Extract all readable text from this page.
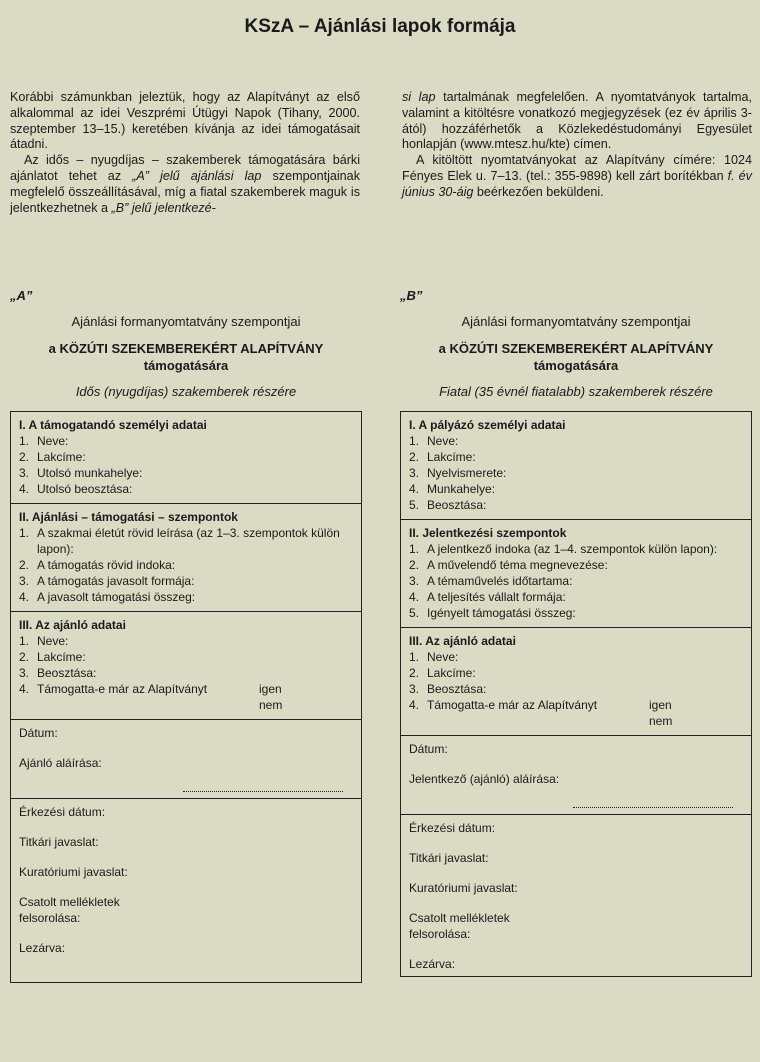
KSzA – Ajánlási lapok formája

Korábbi számunkban jeleztük, hogy az Alapítványt az első alkalommal az idei Veszprémi Útügyi Napok (Tihany, 2000. szeptember 13–15.) keretében kívánja az idei támogatásait átadni.

Az idős – nyugdíjas – szakemberek támogatására bárki ajánlatot tehet az „A” jelű ajánlási lap szempontjainak megfelelő összeállításával, míg a fiatal szakemberek maguk is jelentkezhetnek a „B” jelű jelentkezé-

si lap tartalmának megfelelően. A nyomtatványok tartalma, valamint a kitöltésre vonatkozó megjegyzések (ez év április 3-ától) hozzáférhetők a Közlekedéstudományi Egyesület honlapján (www.mtesz.hu/kte) címen.

A kitöltött nyomtatványokat az Alapítvány címére: 1024 Fényes Elek u. 7–13. (tel.: 355-9898) kell zárt borítékban f. év június 30-áig beérkezően beküldeni.

„A”
Ajánlási formanyomtatvány szempontjai
a KÖZÚTI SZEKEMBEREKÉRT ALAPÍTVÁNY
támogatására
Idős (nyugdíjas) szakemberek részére
I. A támogatandó személyi adatai
1. Neve:
2. Lakcíme:
3. Utolsó munkahelye:
4. Utolsó beosztása:
II. Ajánlási – támogatási – szempontok
1. A szakmai életút rövid leírása (az 1–3. szempontok külön lapon):
2. A támogatás rövid indoka:
3. A támogatás javasolt formája:
4. A javasolt támogatási összeg:
III. Az ajánló adatai
1. Neve:
2. Lakcíme:
3. Beosztása:
4. Támogatta-e már az Alapítványt	igen
nem
Dátum:
Ajánló aláírása:
Érkezési dátum:
Titkári javaslat:
Kuratóriumi javaslat:
Csatolt mellékletek felsorolása:
Lezárva:
„B”
Ajánlási formanyomtatvány szempontjai
a KÖZÚTI SZEKEMBEREKÉRT ALAPÍTVÁNY
támogatására
Fiatal (35 évnél fiatalabb) szakemberek részére
I. A pályázó személyi adatai
1. Neve:
2. Lakcíme:
3. Nyelvismerete:
4. Munkahelye:
5. Beosztása:
II. Jelentkezési szempontok
1. A jelentkező indoka (az 1–4. szempontok külön lapon):
2. A művelendő téma megnevezése:
3. A témaművelés időtartama:
4. A teljesítés vállalt formája:
5. Igényelt támogatási összeg:
III. Az ajánló adatai
1. Neve:
2. Lakcíme:
3. Beosztása:
4. Támogatta-e már az Alapítványt	igen
nem
Dátum:
Jelentkező (ajánló) aláírása:
Érkezési dátum:
Titkári javaslat:
Kuratóriumi javaslat:
Csatolt mellékletek felsorolása:
Lezárva:
